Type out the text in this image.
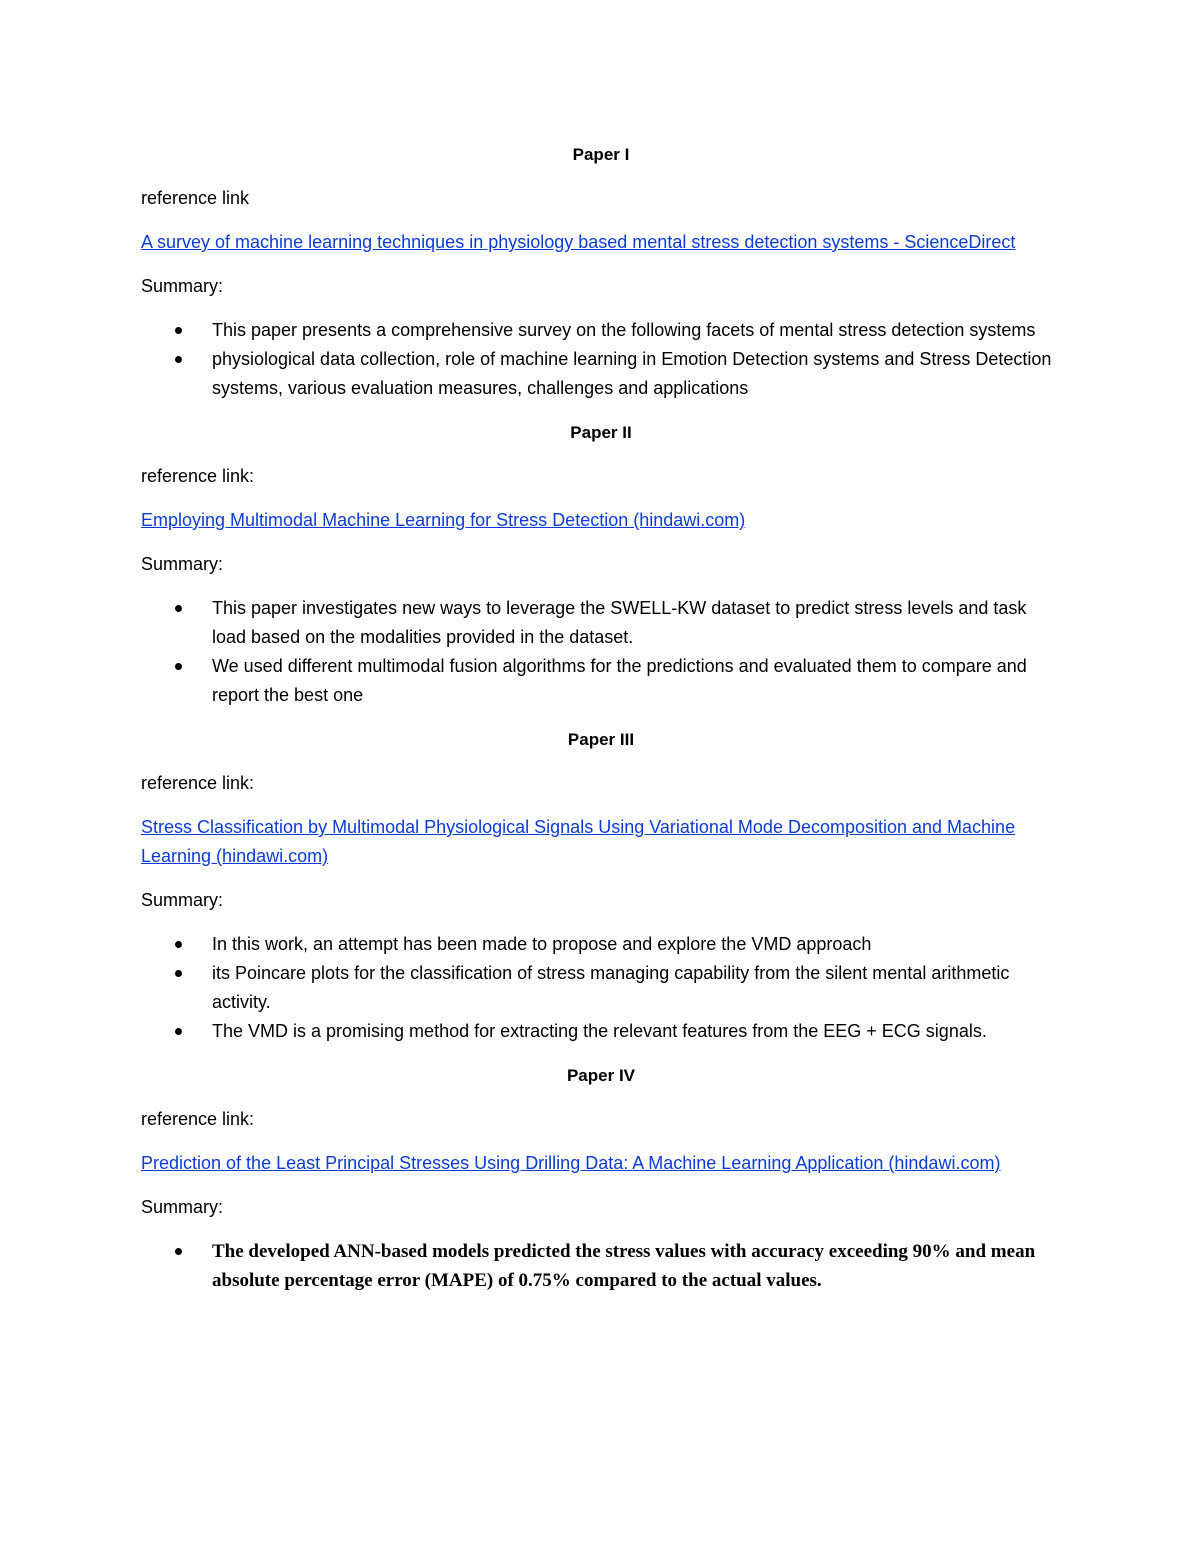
Paper I
reference link
A survey of machine learning techniques in physiology based mental stress detection systems - ScienceDirect
Summary:
This paper presents a comprehensive survey on the following facets of mental stress detection systems
physiological data collection, role of machine learning in Emotion Detection systems and Stress Detection systems, various evaluation measures, challenges and applications
Paper II
reference link:
Employing Multimodal Machine Learning for Stress Detection (hindawi.com)
Summary:
This paper investigates new ways to leverage the SWELL-KW dataset to predict stress levels and task load based on the modalities provided in the dataset.
We used different multimodal fusion algorithms for the predictions and evaluated them to compare and report the best one
Paper III
reference link:
Stress Classification by Multimodal Physiological Signals Using Variational Mode Decomposition and Machine Learning (hindawi.com)
Summary:
In this work, an attempt has been made to propose and explore the VMD approach
its Poincare plots for the classification of stress managing capability from the silent mental arithmetic activity.
The VMD is a promising method for extracting the relevant features from the EEG + ECG signals.
Paper IV
reference link:
Prediction of the Least Principal Stresses Using Drilling Data: A Machine Learning Application (hindawi.com)
Summary:
The developed ANN-based models predicted the stress values with accuracy exceeding 90% and mean absolute percentage error (MAPE) of 0.75% compared to the actual values.
